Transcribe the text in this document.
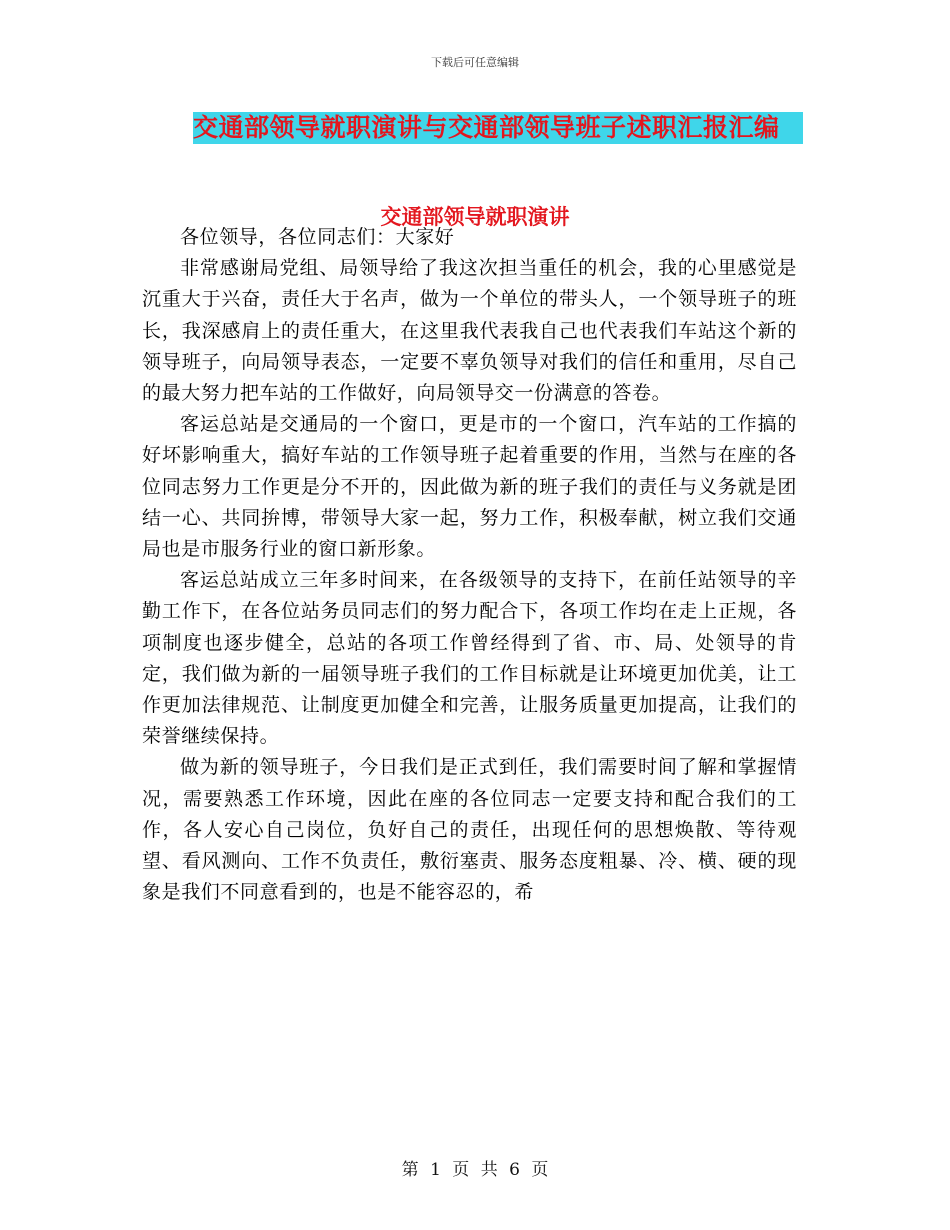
下载后可任意编辑
交通部领导就职演讲与交通部领导班子述职汇报汇编
交通部领导就职演讲

各位领导，各位同志们：大家好

非常感谢局党组、局领导给了我这次担当重任的机会，我的心里感觉是沉重大于兴奋，责任大于名声，做为一个单位的带头人，一个领导班子的班长，我深感肩上的责任重大，在这里我代表我自己也代表我们车站这个新的领导班子，向局领导表态，一定要不辜负领导对我们的信任和重用，尽自己的最大努力把车站的工作做好，向局领导交一份满意的答卷。

客运总站是交通局的一个窗口，更是市的一个窗口，汽车站的工作搞的好坏影响重大，搞好车站的工作领导班子起着重要的作用，当然与在座的各位同志努力工作更是分不开的，因此做为新的班子我们的责任与义务就是团结一心、共同拚博，带领导大家一起，努力工作，积极奉献，树立我们交通局也是市服务行业的窗口新形象。

客运总站成立三年多时间来，在各级领导的支持下，在前任站领导的辛勤工作下，在各位站务员同志们的努力配合下，各项工作均在走上正规，各项制度也逐步健全，总站的各项工作曾经得到了省、市、局、处领导的肯定，我们做为新的一届领导班子我们的工作目标就是让环境更加优美，让工作更加法律规范、让制度更加健全和完善，让服务质量更加提高，让我们的荣誉继续保持。

做为新的领导班子，今日我们是正式到任，我们需要时间了解和掌握情况，需要熟悉工作环境，因此在座的各位同志一定要支持和配合我们的工作，各人安心自己岗位，负好自己的责任，出现任何的思想焕散、等待观望、看风测向、工作不负责任，敷衍塞责、服务态度粗暴、冷、横、硬的现象是我们不同意看到的，也是不能容忍的，希

第 1 页 共 6 页
